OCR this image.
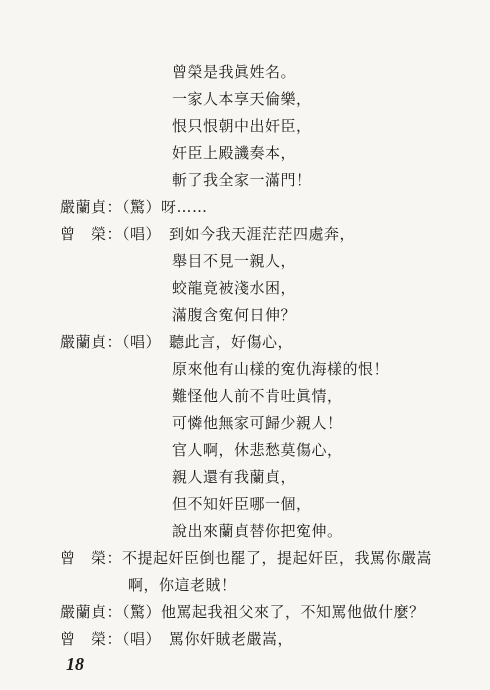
曾榮是我眞姓名。
一家人本享天倫樂，
恨只恨朝中出奸臣，
奸臣上殿譏奏本，
斬了我全家一滿門！
嚴蘭貞：（驚）呀……
曾　榮：（唱）　到如今我天涯茫茫四處奔，
舉目不見一親人，
蛟龍竟被淺水困，
滿腹含寃何日伸？
嚴蘭貞：（唱）　聽此言，好傷心，
原來他有山樣的寃仇海樣的恨！
難怪他人前不肯吐眞情，
可憐他無家可歸少親人！
官人啊，休悲愁莫傷心，
親人還有我蘭貞，
但不知奸臣哪一個，
說出來蘭貞替你把寃伸。
曾　榮：不提起奸臣倒也罷了，提起奸臣，我罵你嚴嵩
啊，你這老賊！
嚴蘭貞：（驚）他罵起我祖父來了，不知罵他做什麼？
曾　榮：（唱）　罵你奸賊老嚴嵩，
18
